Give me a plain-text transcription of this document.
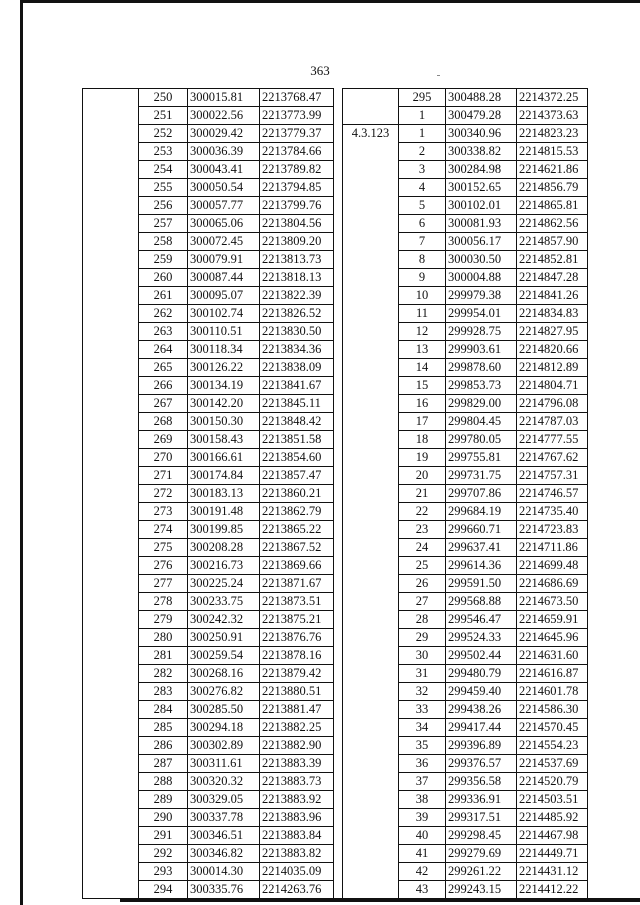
363
	250	300015.81	2213768.47
	251	300022.56	2213773.99
	252	300029.42	2213779.37
	253	300036.39	2213784.66
	254	300043.41	2213789.82
	255	300050.54	2213794.85
	256	300057.77	2213799.76
	257	300065.06	2213804.56
	258	300072.45	2213809.20
	259	300079.91	2213813.73
	260	300087.44	2213818.13
	261	300095.07	2213822.39
	262	300102.74	2213826.52
	263	300110.51	2213830.50
	264	300118.34	2213834.36
	265	300126.22	2213838.09
	266	300134.19	2213841.67
	267	300142.20	2213845.11
	268	300150.30	2213848.42
	269	300158.43	2213851.58
	270	300166.61	2213854.60
	271	300174.84	2213857.47
	272	300183.13	2213860.21
	273	300191.48	2213862.79
	274	300199.85	2213865.22
	275	300208.28	2213867.52
	276	300216.73	2213869.66
	277	300225.24	2213871.67
	278	300233.75	2213873.51
	279	300242.32	2213875.21
	280	300250.91	2213876.76
	281	300259.54	2213878.16
	282	300268.16	2213879.42
	283	300276.82	2213880.51
	284	300285.50	2213881.47
	285	300294.18	2213882.25
	286	300302.89	2213882.90
	287	300311.61	2213883.39
	288	300320.32	2213883.73
	289	300329.05	2213883.92
	290	300337.78	2213883.96
	291	300346.51	2213883.84
	292	300346.82	2213883.82
	293	300014.30	2214035.09
	294	300335.76	2214263.76
	295	300488.28	2214372.25
	1	300479.28	2214373.63
4.3.123	1	300340.96	2214823.23
	2	300338.82	2214815.53
	3	300284.98	2214621.86
	4	300152.65	2214856.79
	5	300102.01	2214865.81
	6	300081.93	2214862.56
	7	300056.17	2214857.90
	8	300030.50	2214852.81
	9	300004.88	2214847.28
	10	299979.38	2214841.26
	11	299954.01	2214834.83
	12	299928.75	2214827.95
	13	299903.61	2214820.66
	14	299878.60	2214812.89
	15	299853.73	2214804.71
	16	299829.00	2214796.08
	17	299804.45	2214787.03
	18	299780.05	2214777.55
	19	299755.81	2214767.62
	20	299731.75	2214757.31
	21	299707.86	2214746.57
	22	299684.19	2214735.40
	23	299660.71	2214723.83
	24	299637.41	2214711.86
	25	299614.36	2214699.48
	26	299591.50	2214686.69
	27	299568.88	2214673.50
	28	299546.47	2214659.91
	29	299524.33	2214645.96
	30	299502.44	2214631.60
	31	299480.79	2214616.87
	32	299459.40	2214601.78
	33	299438.26	2214586.30
	34	299417.44	2214570.45
	35	299396.89	2214554.23
	36	299376.57	2214537.69
	37	299356.58	2214520.79
	38	299336.91	2214503.51
	39	299317.51	2214485.92
	40	299298.45	2214467.98
	41	299279.69	2214449.71
	42	299261.22	2214431.12
	43	299243.15	2214412.22
